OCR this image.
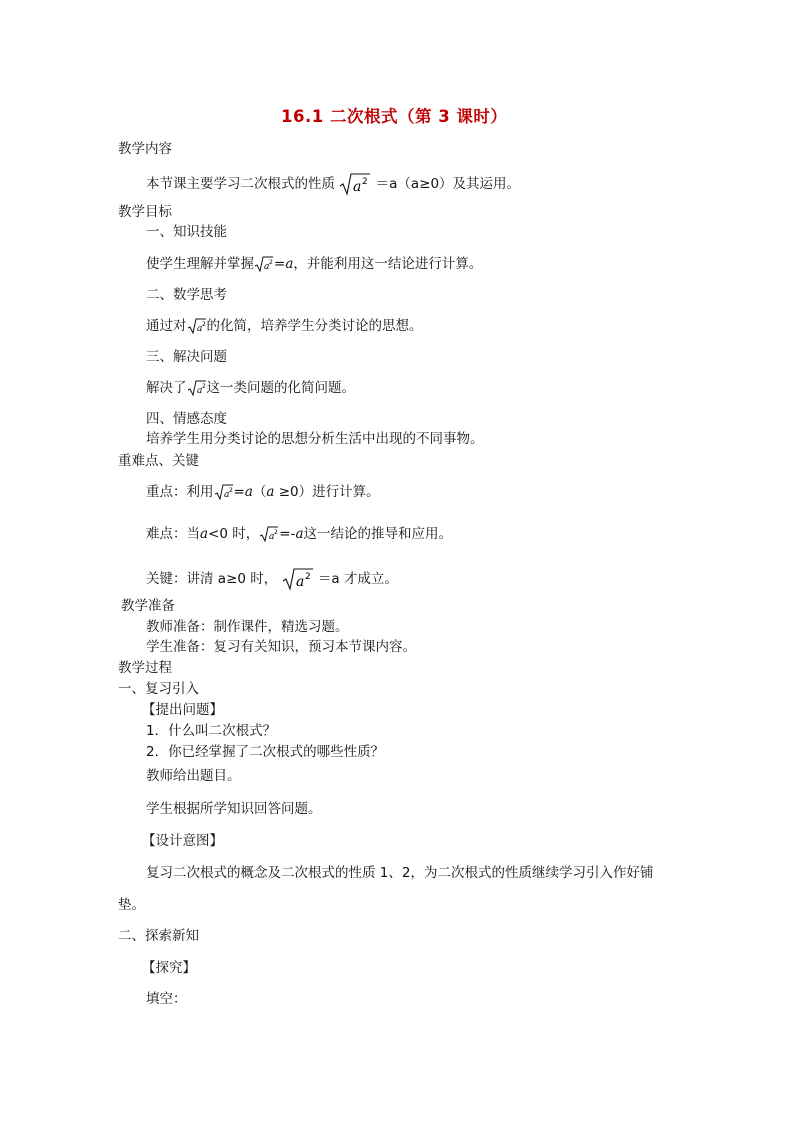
16.1 二次根式（第 3 课时）
教学内容
本节课主要学习二次根式的性质 a 2 ＝a（a≥0）及其运用。
教学目标
一、知识技能
使学生理解并掌握 a 2 =a，并能利用这一结论进行计算。
二、数学思考
通过对 a 2 的化简，培养学生分类讨论的思想。
三、解决问题
解决了 a 2 这一类问题的化简问题。
四、情感态度
培养学生用分类讨论的思想分析生活中出现的不同事物。
重难点、关键
重点：利用 a 2 =a（a ≥0）进行计算。
难点：当a<0 时， a 2 =-a这一结论的推导和应用。
关键：讲清 a≥0 时， a 2 ＝a 才成立。
教学准备
教师准备：制作课件，精选习题。
学生准备：复习有关知识，预习本节课内容。
教学过程
一、复习引入
【提出问题】
1．什么叫二次根式？
2．你已经掌握了二次根式的哪些性质？
教师给出题目。
学生根据所学知识回答问题。
【设计意图】
复习二次根式的概念及二次根式的性质 1、2，为二次根式的性质继续学习引入作好铺
垫。
二、探索新知
【探究】
填空：
